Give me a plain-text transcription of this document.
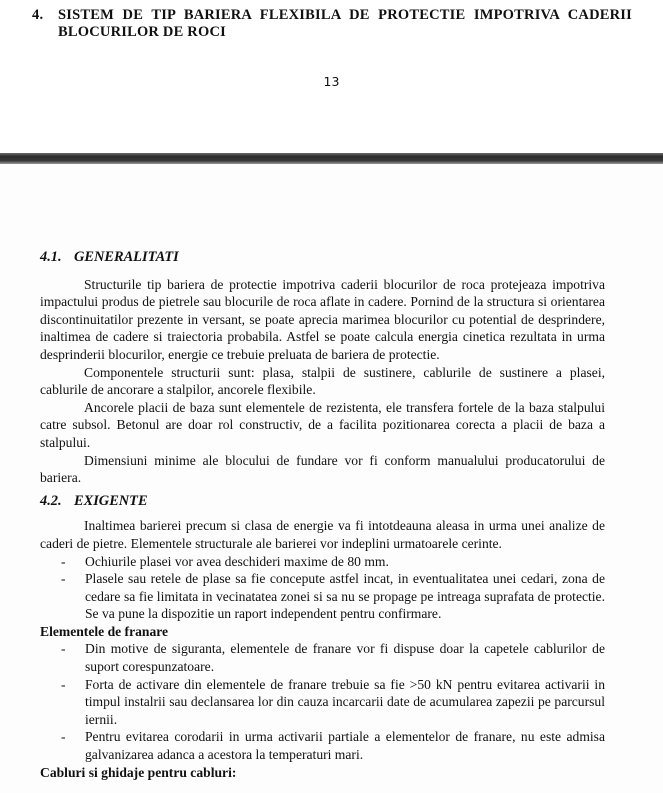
4. SISTEM DE TIP BARIERA FLEXIBILA DE PROTECTIE IMPOTRIVA CADERII BLOCURILOR DE ROCI
13
4.1. GENERALITATI

Structurile tip bariera de protectie impotriva caderii blocurilor de roca protejeaza impotriva impactului produs de pietrele sau blocurile de roca aflate in cadere. Pornind de la structura si orientarea discontinuitatilor prezente in versant, se poate aprecia marimea blocurilor cu potential de desprindere, inaltimea de cadere si traiectoria probabila. Astfel se poate calcula energia cinetica rezultata in urma desprinderii blocurilor, energie ce trebuie preluata de bariera de protectie.

Componentele structurii sunt: plasa, stalpii de sustinere, cablurile de sustinere a plasei, cablurile de ancorare a stalpilor, ancorele flexibile.

Ancorele placii de baza sunt elementele de rezistenta, ele transfera fortele de la baza stalpului catre subsol. Betonul are doar rol constructiv, de a facilita pozitionarea corecta a placii de baza a stalpului.

Dimensiuni minime ale blocului de fundare vor fi conform manualului producatorului de bariera.

4.2. EXIGENTE

Inaltimea barierei precum si clasa de energie va fi intotdeauna aleasa in urma unei analize de caderi de pietre. Elementele structurale ale barierei vor indeplini urmatoarele cerinte.

- Ochiurile plasei vor avea deschideri maxime de 80 mm.
- Plasele sau retele de plase sa fie concepute astfel incat, in eventualitatea unei cedari, zona de cedare sa fie limitata in vecinatatea zonei si sa nu se propage pe intreaga suprafata de protectie. Se va pune la dispozitie un raport independent pentru confirmare.

Elementele de franare

- Din motive de siguranta, elementele de franare vor fi dispuse doar la capetele cablurilor de suport corespunzatoare.
- Forta de activare din elementele de franare trebuie sa fie >50 kN pentru evitarea activarii in timpul instalrii sau declansarea lor din cauza incarcarii date de acumularea zapezii pe parcursul iernii.
- Pentru evitarea corodarii in urma activarii partiale a elementelor de franare, nu este admisa galvanizarea adanca a acestora la temperaturi mari.

Cabluri si ghidaje pentru cabluri:
